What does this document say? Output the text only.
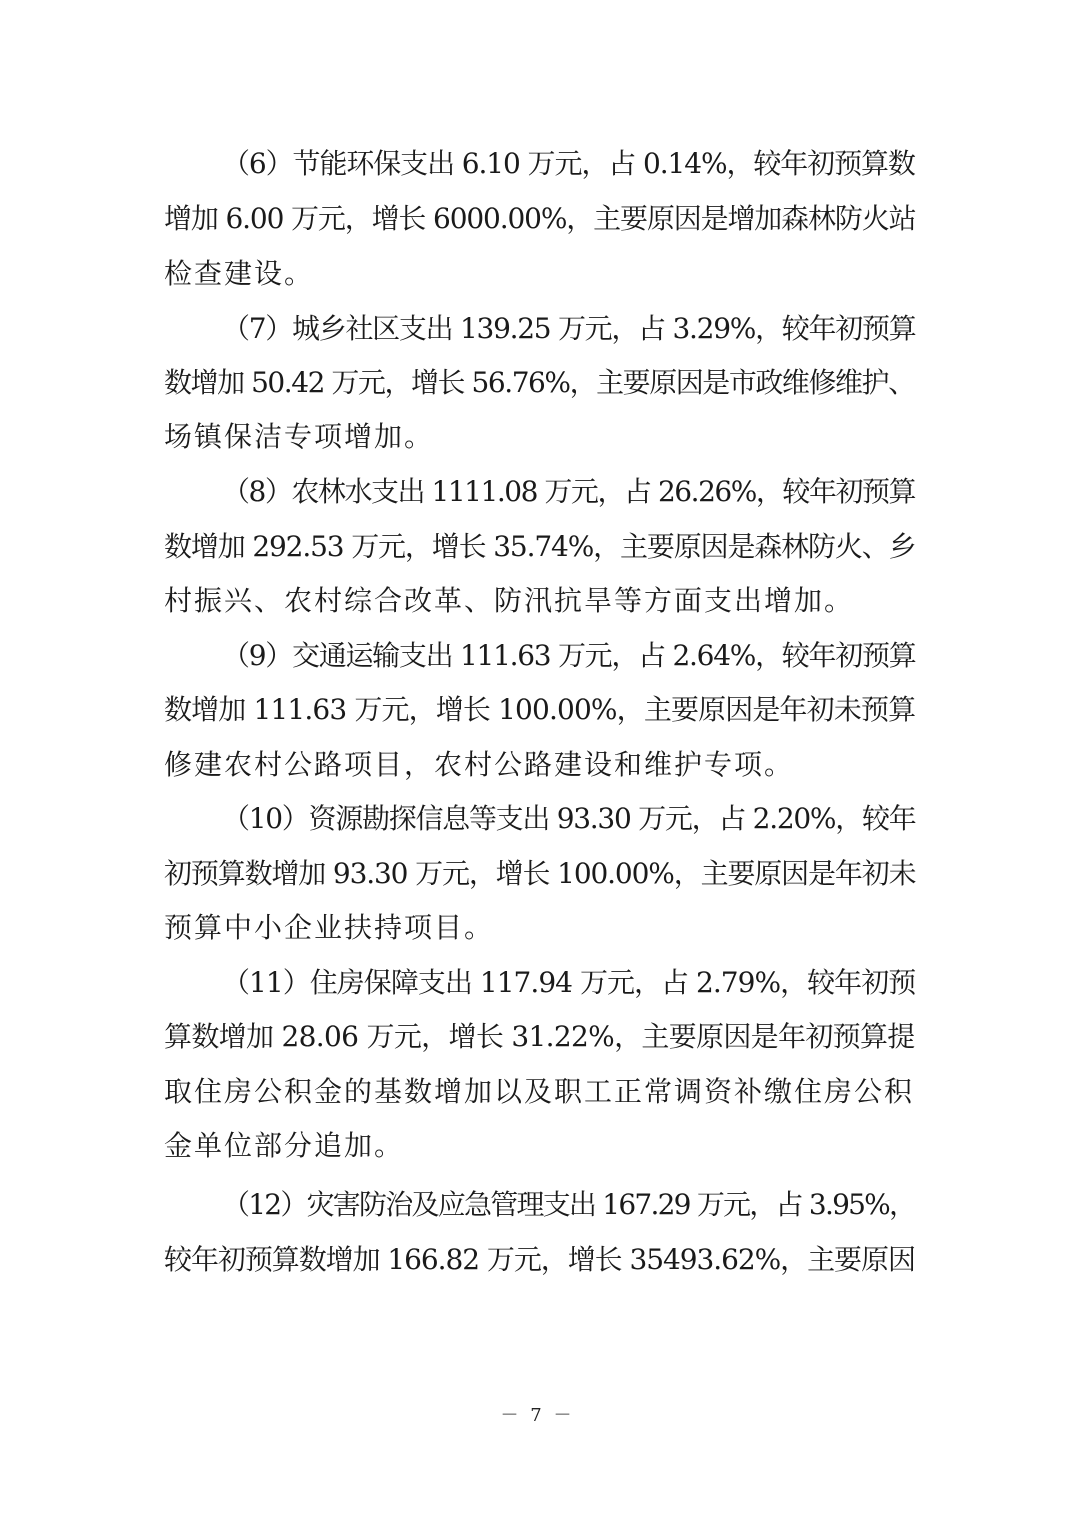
（6）节能环保支出 6.10 万元，占 0.14%，较年初预算数
增加 6.00 万元，增长 6000.00%，主要原因是增加森林防火站
检查建设。
（7）城乡社区支出 139.25 万元，占 3.29%，较年初预算
数增加 50.42 万元，增长 56.76%，主要原因是市政维修维护、
场镇保洁专项增加。
（8）农林水支出 1111.08 万元，占 26.26%，较年初预算
数增加 292.53 万元，增长 35.74%，主要原因是森林防火、乡
村振兴、农村综合改革、防汛抗旱等方面支出增加。
（9）交通运输支出 111.63 万元，占 2.64%，较年初预算
数增加 111.63 万元，增长 100.00%，主要原因是年初未预算
修建农村公路项目，农村公路建设和维护专项。
（10）资源勘探信息等支出 93.30 万元，占 2.20%，较年
初预算数增加 93.30 万元，增长 100.00%，主要原因是年初未
预算中小企业扶持项目。
（11）住房保障支出 117.94 万元，占 2.79%，较年初预
算数增加 28.06 万元，增长 31.22%，主要原因是年初预算提
取住房公积金的基数增加以及职工正常调资补缴住房公积
金单位部分追加。
（12）灾害防治及应急管理支出 167.29 万元，占 3.95%，
较年初预算数增加 166.82 万元，增长 35493.62%，主要原因
－ 7 －
